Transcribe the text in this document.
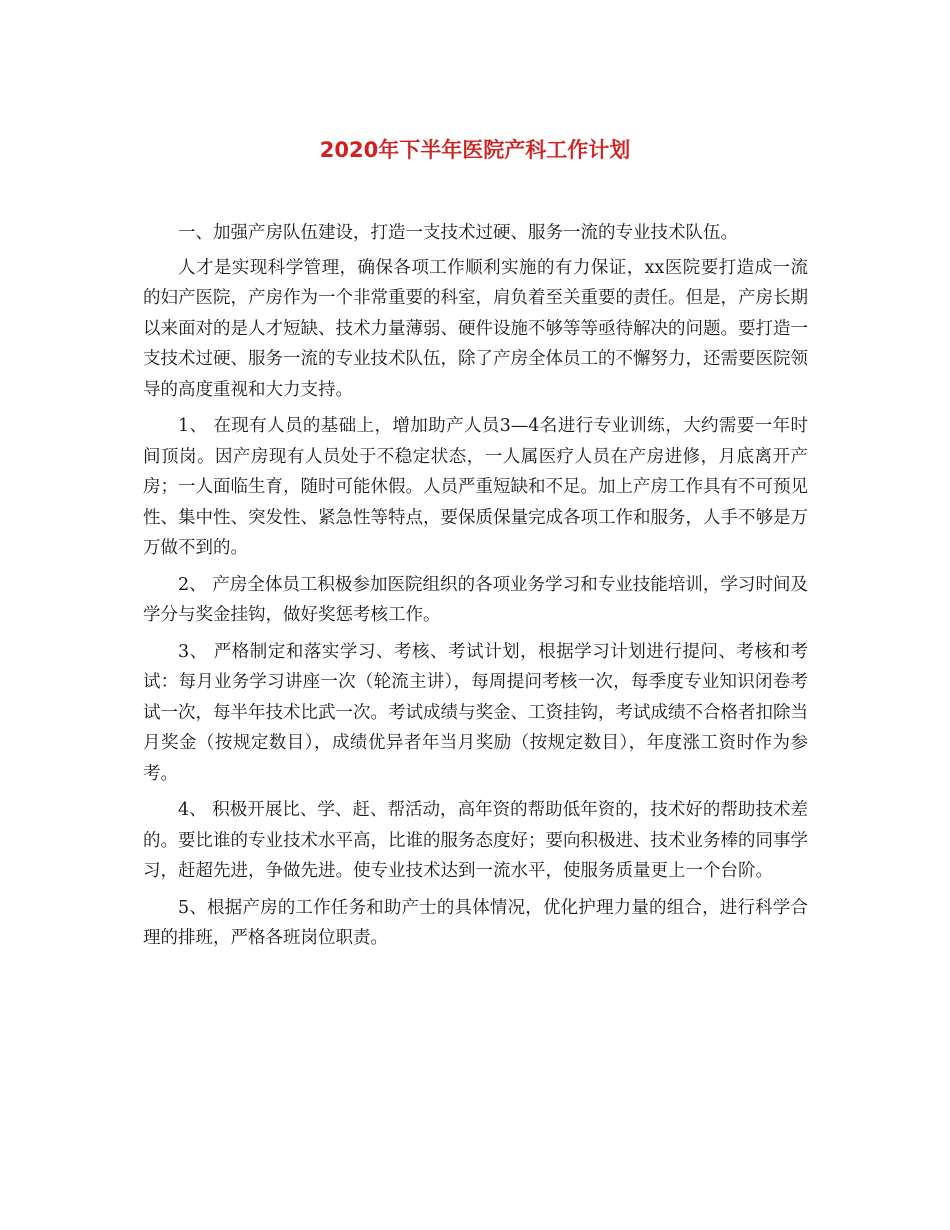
2020年下半年医院产科工作计划

一、加强产房队伍建设，打造一支技术过硬、服务一流的专业技术队伍。

人才是实现科学管理，确保各项工作顺利实施的有力保证，xx医院要打造成一流的妇产医院，产房作为一个非常重要的科室，肩负着至关重要的责任。但是，产房长期以来面对的是人才短缺、技术力量薄弱、硬件设施不够等等亟待解决的问题。要打造一支技术过硬、服务一流的专业技术队伍，除了产房全体员工的不懈努力，还需要医院领导的高度重视和大力支持。

1、 在现有人员的基础上，增加助产人员3—4名进行专业训练，大约需要一年时间顶岗。因产房现有人员处于不稳定状态，一人属医疗人员在产房进修，月底离开产房；一人面临生育，随时可能休假。人员严重短缺和不足。加上产房工作具有不可预见性、集中性、突发性、紧急性等特点，要保质保量完成各项工作和服务，人手不够是万万做不到的。

2、 产房全体员工积极参加医院组织的各项业务学习和专业技能培训，学习时间及学分与奖金挂钩，做好奖惩考核工作。

3、 严格制定和落实学习、考核、考试计划，根据学习计划进行提问、考核和考试：每月业务学习讲座一次（轮流主讲），每周提问考核一次，每季度专业知识闭卷考试一次，每半年技术比武一次。考试成绩与奖金、工资挂钩，考试成绩不合格者扣除当月奖金（按规定数目），成绩优异者年当月奖励（按规定数目），年度涨工资时作为参考。

4、 积极开展比、学、赶、帮活动，高年资的帮助低年资的，技术好的帮助技术差的。要比谁的专业技术水平高，比谁的服务态度好；要向积极进、技术业务棒的同事学习，赶超先进，争做先进。使专业技术达到一流水平，使服务质量更上一个台阶。

5、根据产房的工作任务和助产士的具体情况，优化护理力量的组合，进行科学合理的排班，严格各班岗位职责。
